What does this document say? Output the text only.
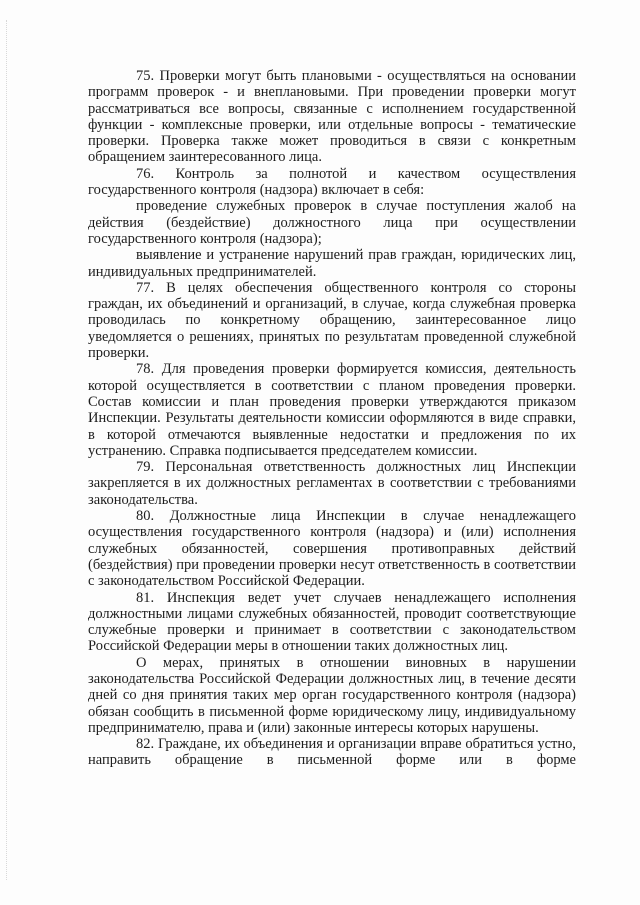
75. Проверки могут быть плановыми - осуществляться на основании программ проверок - и внеплановыми. При проведении проверки могут рассматриваться все вопросы, связанные с исполнением государственной функции - комплексные проверки, или отдельные вопросы - тематические проверки. Проверка также может проводиться в связи с конкретным обращением заинтересованного лица.

76. Контроль за полнотой и качеством осуществления государственного контроля (надзора) включает в себя:

проведение служебных проверок в случае поступления жалоб на действия (бездействие) должностного лица при осуществлении государственного контроля (надзора);

выявление и устранение нарушений прав граждан, юридических лиц, индивидуальных предпринимателей.

77. В целях обеспечения общественного контроля со стороны граждан, их объединений и организаций, в случае, когда служебная проверка проводилась по конкретному обращению, заинтересованное лицо уведомляется о решениях, принятых по результатам проведенной служебной проверки.

78. Для проведения проверки формируется комиссия, деятельность которой осуществляется в соответствии с планом проведения проверки. Состав комиссии и план проведения проверки утверждаются приказом Инспекции. Результаты деятельности комиссии оформляются в виде справки, в которой отмечаются выявленные недостатки и предложения по их устранению. Справка подписывается председателем комиссии.

79. Персональная ответственность должностных лиц Инспекции закрепляется в их должностных регламентах в соответствии с требованиями законодательства.

80. Должностные лица Инспекции в случае ненадлежащего осуществления государственного контроля (надзора) и (или) исполнения служебных обязанностей, совершения противоправных действий (бездействия) при проведении проверки несут ответственность в соответствии с законодательством Российской Федерации.

81. Инспекция ведет учет случаев ненадлежащего исполнения должностными лицами служебных обязанностей, проводит соответствующие служебные проверки и принимает в соответствии с законодательством Российской Федерации меры в отношении таких должностных лиц.

О мерах, принятых в отношении виновных в нарушении законодательства Российской Федерации должностных лиц, в течение десяти дней со дня принятия таких мер орган государственного контроля (надзора) обязан сообщить в письменной форме юридическому лицу, индивидуальному предпринимателю, права и (или) законные интересы которых нарушены.

82. Граждане, их объединения и организации вправе обратиться устно, направить обращение в письменной форме или в форме
